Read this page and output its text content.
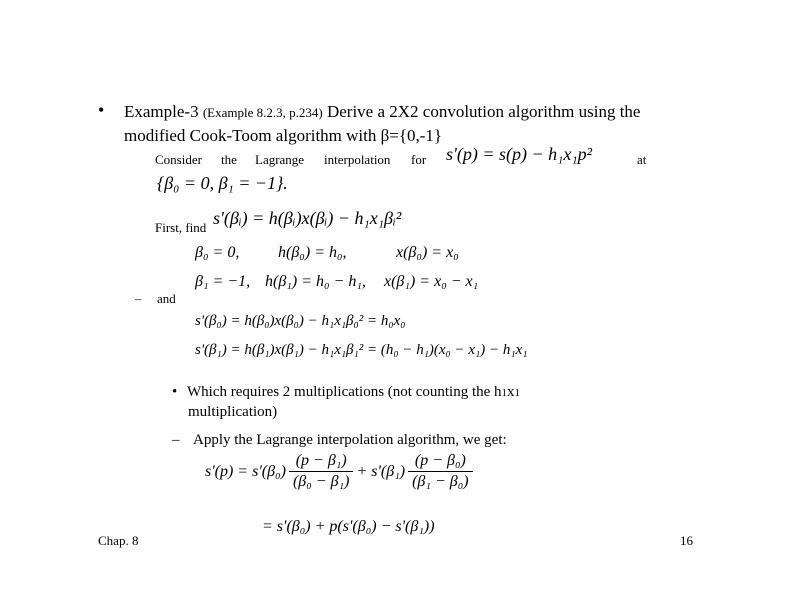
• Example-3 (Example 8.2.3, p.234) Derive a 2X2 convolution algorithm using the
modified Cook-Toom algorithm with β={0,-1}
Consider the Lagrange interpolation for s'(p) = s(p) − h₁x₁p²	at
{β₀ = 0, β₁ = −1}.
First, find s'(βᵢ) = h(βᵢ)x(βᵢ) − h₁x₁βᵢ²
β₀ = 0, h(β₀) = h₀,	x(β₀) = x₀
– and
β₁ = −1, h(β₁) = h₀ − h₁, x(β₁) = x₀ − x₁
s'(β₀) = h(β₀)x(β₀) − h₁x₁β₀² = h₀x₀
s'(β₁) = h(β₁)x(β₁) − h₁x₁β₁² = (h₀ − h₁)(x₀ − x₁) − h₁x₁
• Which requires 2 multiplications (not counting the h1x1
multiplication)
– Apply the Lagrange interpolation algorithm, we get:
$s'(p) = s'(\beta_0) \frac{\text{(p − β₁)}}{\text{(β₀ − β₁)}} + s'(\beta_1) \frac{\text{(p − β₀)}}{\text{(β₁ − β₀)}}$
= s'(β₀) + p(s'(β₀) − s'(β₁))
Chap. 8	16
